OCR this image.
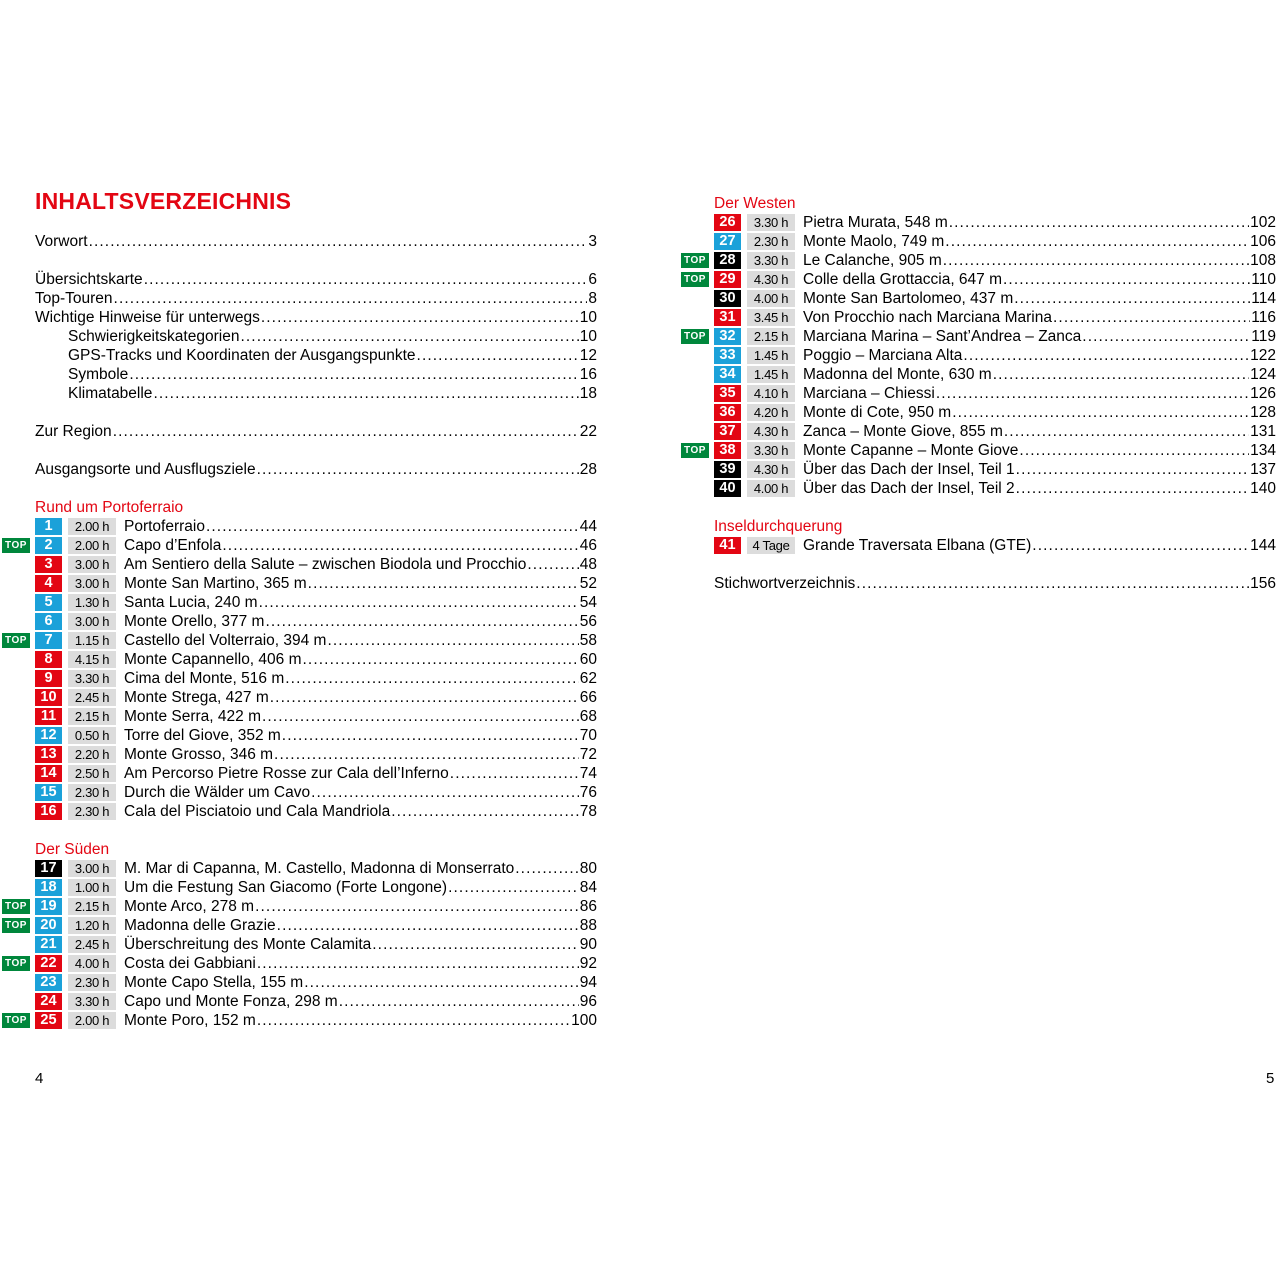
INHALTSVERZEICHNIS
Vorwort . . .	3
Übersichtskarte . . .	6
Top-Touren . . .	8
Wichtige Hinweise für unterwegs . . .	10
Schwierigkeitskategorien . . .	10
GPS-Tracks und Koordinaten der Ausgangspunkte . . .	12
Symbole . . .	16
Klimatabelle . . .	18
Zur Region . . .	22
Ausgangsorte und Ausflugsziele . . .	28
Rund um Portoferraio
1	2.00 h Portoferraio . . .	44
TOP	2	2.00 h Capo d’Enfola . . .	46
3	3.00 h Am Sentiero della Salute – zwischen Biodola und Procchio . . .	48
4	3.00 h Monte San Martino, 365 m . . .	52
5	1.30 h Santa Lucia, 240 m . . .	54
6	3.00 h Monte Orello, 377 m . . .	56
TOP	7	1.15 h Castello del Volterraio, 394 m . . .	58
8	4.15 h Monte Capannello, 406 m . . .	60
9	3.30 h Cima del Monte, 516 m . . .	62
10	2.45 h Monte Strega, 427 m . . .	66
11	2.15 h Monte Serra, 422 m . . .	68
12	0.50 h Torre del Giove, 352 m . . .	70
13	2.20 h Monte Grosso, 346 m . . .	72
14	2.50 h Am Percorso Pietre Rosse zur Cala dell’Inferno . . .	74
15	2.30 h Durch die Wälder um Cavo . . .	76
16	2.30 h Cala del Pisciatoio und Cala Mandriola . . .	78
Der Süden
17	3.00 h M. Mar di Capanna, M. Castello, Madonna di Monserrato . . .	80
18	1.00 h Um die Festung San Giacomo (Forte Longone) . . .	84
TOP 19	2.15 h Monte Arco, 278 m . . .	86
TOP 20	1.20 h Madonna delle Grazie . . .	88
21	2.45 h Überschreitung des Monte Calamita . . .	90
TOP 22	4.00 h Costa dei Gabbiani . . .	92
23	2.30 h Monte Capo Stella, 155 m . . .	94
24	3.30 h Capo und Monte Fonza, 298 m . . .	96
TOP 25	2.00 h Monte Poro, 152 m . . .	100
4
Der Westen
26	3.30 h Pietra Murata, 548 m . . .	102
27	2.30 h Monte Maolo, 749 m . . .	106
TOP 28	3.30 h Le Calanche, 905 m . . .	108
TOP 29	4.30 h Colle della Grottaccia, 647 m . . .	110
30	4.00 h Monte San Bartolomeo, 437 m . . .	114
31	3.45 h Von Procchio nach Marciana Marina . . .	116
TOP 32	2.15 h Marciana Marina – Sant’Andrea – Zanca . . .	119
33	1.45 h Poggio – Marciana Alta . . .	122
34	1.45 h Madonna del Monte, 630 m . . .	124
35	4.10 h Marciana – Chiessi . . .	126
36	4.20 h Monte di Cote, 950 m . . .	128
37	4.30 h Zanca – Monte Giove, 855 m . . .	131
TOP 38	3.30 h Monte Capanne – Monte Giove . . .	134
39	4.30 h Über das Dach der Insel, Teil 1 . . .	137
40	4.00 h Über das Dach der Insel, Teil 2 . . .	140
Inseldurchquerung
41	4 Tage Grande Traversata Elbana (GTE) . . .	144
Stichwortverzeichnis . . .	156
5
